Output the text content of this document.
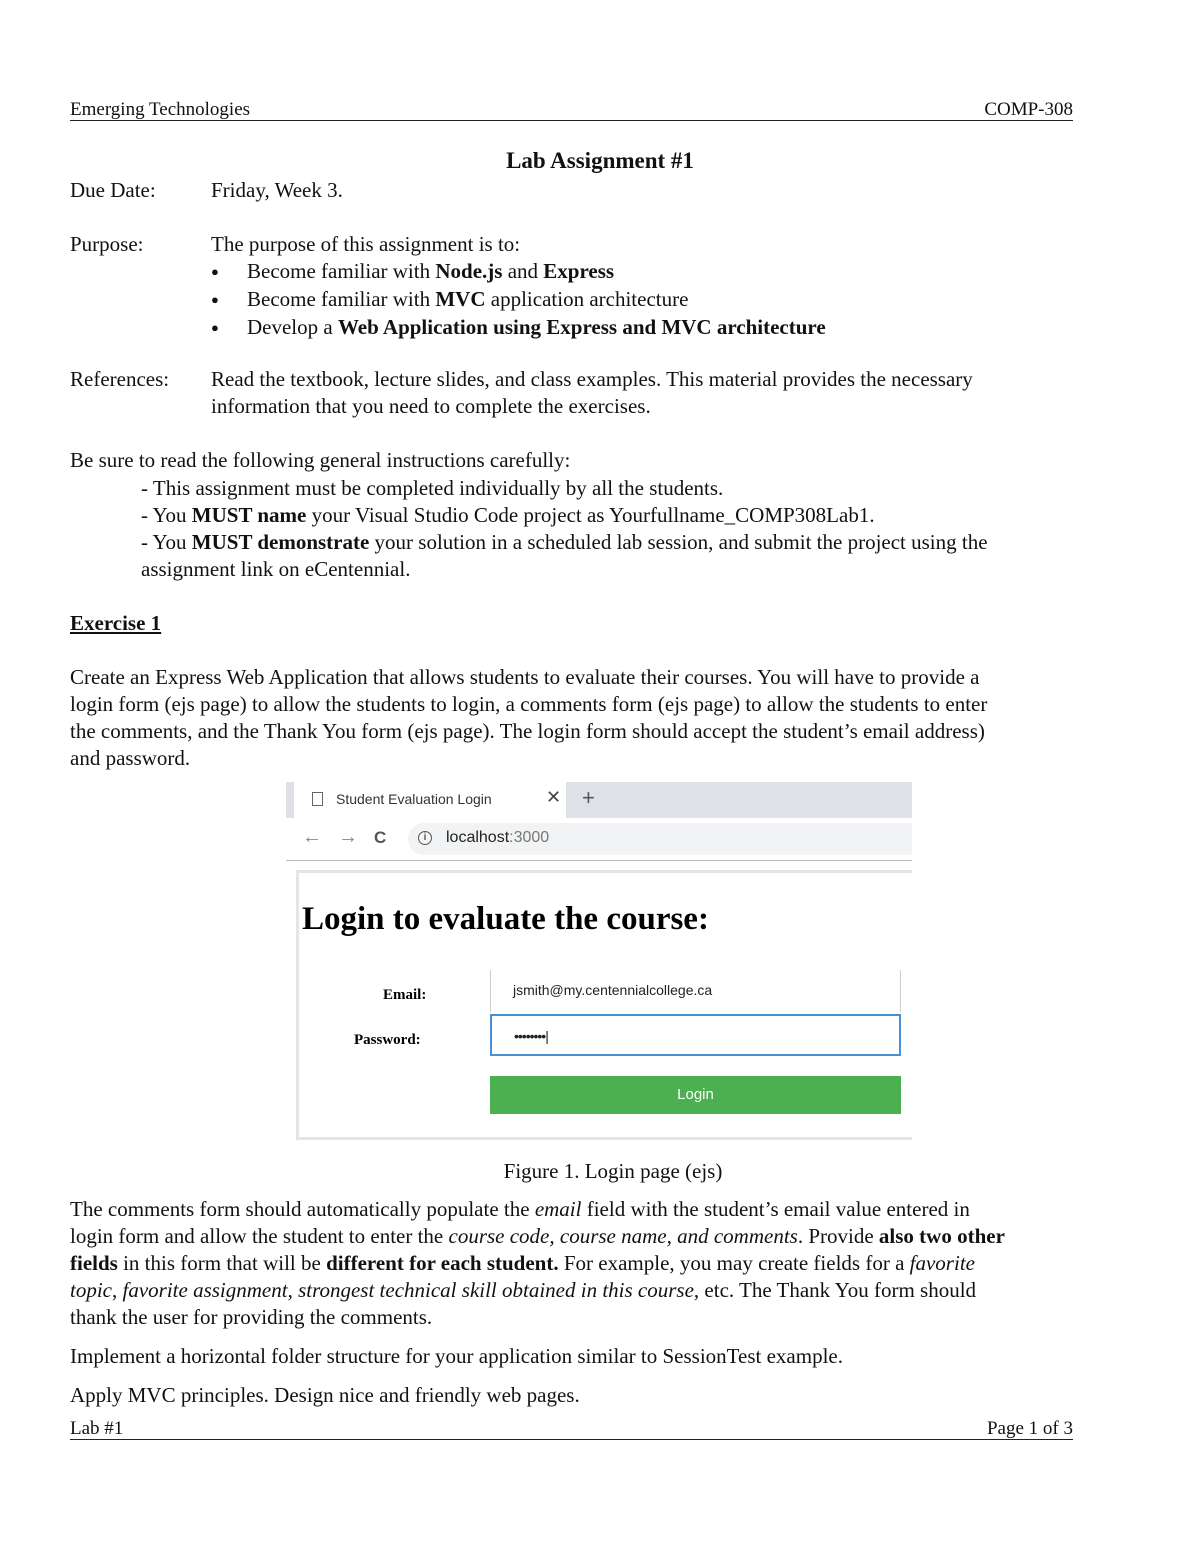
Emerging Technologies	COMP-308
Lab Assignment #1
Due Date:	Friday, Week 3.
Purpose:	The purpose of this assignment is to:
● Become familiar with Node.js and Express
● Become familiar with MVC application architecture
● Develop a Web Application using Express and MVC architecture
References: Read the textbook, lecture slides, and class examples. This material provides the necessary
information that you need to complete the exercises.
Be sure to read the following general instructions carefully:
- This assignment must be completed individually by all the students.
- You MUST name your Visual Studio Code project as Yourfullname_COMP308Lab1.
- You MUST demonstrate your solution in a scheduled lab session, and submit the project using the
assignment link on eCentennial.
Exercise 1
Create an Express Web Application that allows students to evaluate their courses. You will have to provide a
login form (ejs page) to allow the students to login, a comments form (ejs page) to allow the students to enter
the comments, and the Thank You form (ejs page). The login form should accept the student’s email address)
and password.
Student Evaluation Login	✕ +
← → C	i	localhost:3000
Login to evaluate the course:
Email:	jsmith@my.centennialcollege.ca
Password:	••••••••|
Login
Figure 1. Login page (ejs)
The comments form should automatically populate the email field with the student’s email value entered in
login form and allow the student to enter the course code, course name, and comments. Provide also two other
fields in this form that will be different for each student. For example, you may create fields for a favorite
topic, favorite assignment, strongest technical skill obtained in this course, etc. The Thank You form should
thank the user for providing the comments.
Implement a horizontal folder structure for your application similar to SessionTest example.
Apply MVC principles. Design nice and friendly web pages.
Lab #1	Page 1 of 3
